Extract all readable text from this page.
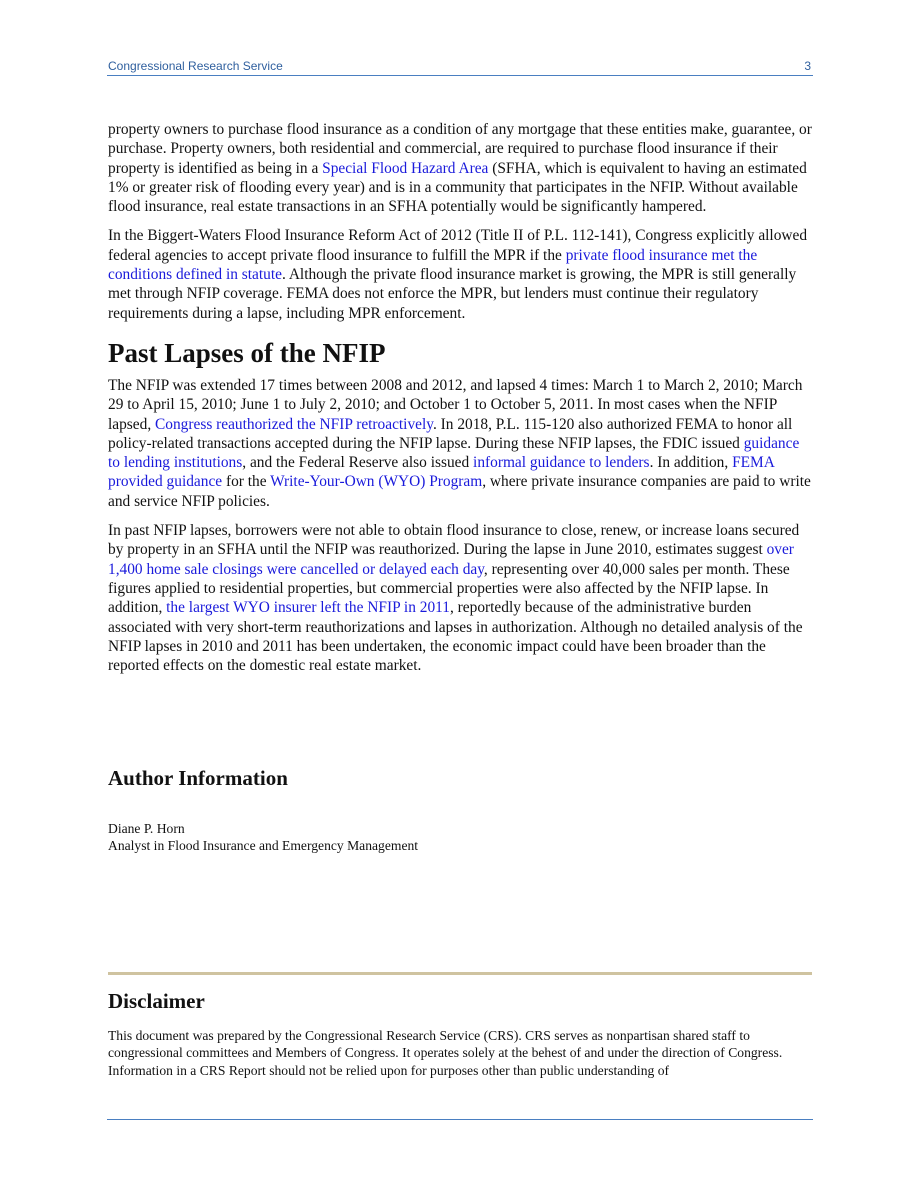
Congressional Research Service	3

property owners to purchase flood insurance as a condition of any mortgage that these entities make, guarantee, or purchase. Property owners, both residential and commercial, are required to purchase flood insurance if their property is identified as being in a Special Flood Hazard Area (SFHA, which is equivalent to having an estimated 1% or greater risk of flooding every year) and is in a community that participates in the NFIP. Without available flood insurance, real estate transactions in an SFHA potentially would be significantly hampered.

In the Biggert-Waters Flood Insurance Reform Act of 2012 (Title II of P.L. 112-141), Congress explicitly allowed federal agencies to accept private flood insurance to fulfill the MPR if the private flood insurance met the conditions defined in statute. Although the private flood insurance market is growing, the MPR is still generally met through NFIP coverage. FEMA does not enforce the MPR, but lenders must continue their regulatory requirements during a lapse, including MPR enforcement.

Past Lapses of the NFIP

The NFIP was extended 17 times between 2008 and 2012, and lapsed 4 times: March 1 to March 2, 2010; March 29 to April 15, 2010; June 1 to July 2, 2010; and October 1 to October 5, 2011. In most cases when the NFIP lapsed, Congress reauthorized the NFIP retroactively. In 2018, P.L. 115-120 also authorized FEMA to honor all policy-related transactions accepted during the NFIP lapse. During these NFIP lapses, the FDIC issued guidance to lending institutions, and the Federal Reserve also issued informal guidance to lenders. In addition, FEMA provided guidance for the Write-Your-Own (WYO) Program, where private insurance companies are paid to write and service NFIP policies.

In past NFIP lapses, borrowers were not able to obtain flood insurance to close, renew, or increase loans secured by property in an SFHA until the NFIP was reauthorized. During the lapse in June 2010, estimates suggest over 1,400 home sale closings were cancelled or delayed each day, representing over 40,000 sales per month. These figures applied to residential properties, but commercial properties were also affected by the NFIP lapse. In addition, the largest WYO insurer left the NFIP in 2011, reportedly because of the administrative burden associated with very short-term reauthorizations and lapses in authorization. Although no detailed analysis of the NFIP lapses in 2010 and 2011 has been undertaken, the economic impact could have been broader than the reported effects on the domestic real estate market.

Author Information
Diane P. Horn
Analyst in Flood Insurance and Emergency Management
Disclaimer

This document was prepared by the Congressional Research Service (CRS). CRS serves as nonpartisan shared staff to congressional committees and Members of Congress. It operates solely at the behest of and under the direction of Congress. Information in a CRS Report should not be relied upon for purposes other than public understanding of
